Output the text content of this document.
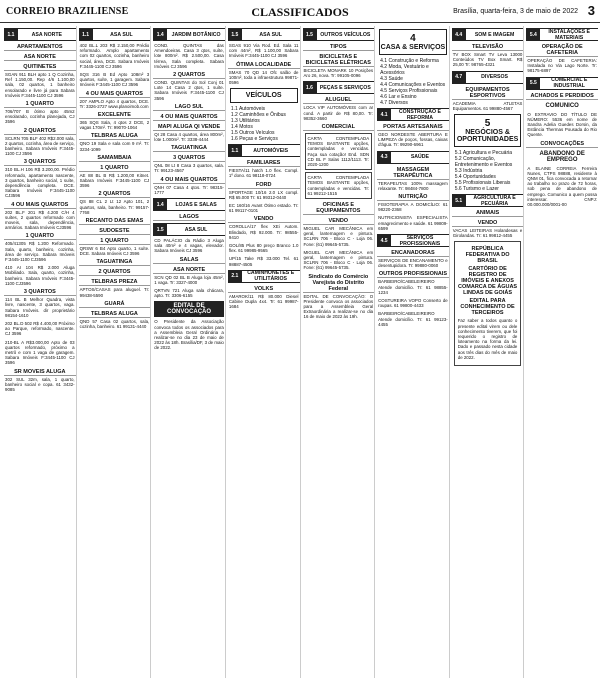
CORREIO BRAZILIENSE	CLASSIFICADOS	Brasília, quarta-feira, 3 de maio de 2022 3
1.1	ASA NORTE
APARTAMENTOS
ASA NORTE
QUITINETES
SGAN 911 BLH apto 1 Q Cozinha, Ref 1.150,00. Rep 4/6 1.100,00 sala, 02 quartos, 1 banheiro ensolarado e livre já para Sabara Imóveis F:3445-1100 CJ 3596
1 QUARTO
706/707 B ótimo apto 45m2 ensolarado, cozinha planejada, CJ 3596
2 QUARTOS
SCLRN 705 BLF 402 R$2.000 sala, 2 quartos, cozinha, área de serviço, banheiro. Sabara Imóveis F:3445-1100 CJ 3596
3 QUARTOS
310 BL.H 106 R$ 3.200,00. Prédio reformado, apartamento nascente, 3 quartos, banheiro social, 1 suíte, dependência completa. DCE. Sabara Imóveis F:3445-1100 CJ3596
4 OU MAIS QUARTOS
202 BL.F 201 R$ 4.200 C/H 4 suítes, 2 quartos reformado com moveis, sala, dependência, armários. Sabara Imóveis CJ3596
1 QUARTO
405/41305 R$ 1.200 Reformado. Sala, quarto, banheiro, cozinha, área de serviço. Sabara Imóveis F:3445-1100 CJ3596
410 AI 104 R$ 2.000 Aluga Mobiliado. Sala, quarto, cozinha, banheiro. Sabara Imóveis F:3445-1100 CJ3596
3 QUARTOS
114 BL B Melhor Quadra, vista livre, nascente, 3 quartos, vaga. Sabara Imóveis. dir proprietário 98154-1610
202 BL.D 502 R$ 4.400,00 Próximo ao Parque, reformado, nascente. CJ 3596
210-BL A R$3.000,00 Apto de 03 quartos reformado, próximo a metrô e com 1 vaga de garagem. Sabara Imóveis F:3445-1100 CJ 3596
SR MOVEIS ALUGA
302 SUL 32m, sala, 1 quarto, banheiro social e copa. 61 3432-9085
1.1	ASA SUL
402 BL.L 203 R$ 2.150,00 Prédio reformado. Amplo apartamento com 02 quartos, cozinha, banheiro social, área, DCE. Sabara Imóveis F:3445-1100 CJ 3596
SQS 316 B Ed Apto 108m² 3 quartos, suíte, 1 garagem. Sabara Imóveis F:3445-1100 CJ 3596
4 OU MAIS QUARTOS
207 AMPLO Apto 4 quartos, DCE. Tr: 3326-2727 www.planoimob.com
EXCELENTE
365 SQS Sala, 4 qtos 2 DCE, 2 vagas 170m². Tr: 99070-1064
TELBRAS ALUGA
QNO 19 Sala e sala com 9 m². Tr: 3234-1099
SAMAMBAIA
1 QUARTO
AE 88 BL B R$ 1.200,00 Kitnet. Sabara Imóveis F:3445-1100 CJ 3596
2 QUARTOS
QS 88 CL 2 Lt 12 Apto 101, 2 quartos, sala, banheiro. Tr: 99157-7768
RECANTO DAS EMAS
SUDOESTE
1 QUARTO
QRSW 6 B4 Apto quarto, 1 suíte. DCE. Sabara Imóveis CJ 3596
TAGUATINGA
2 QUARTOS
TELBRAS PREZA
APTOS/CASAS para aluguel. Tr: 99438-5590
GUARÁ
TELBRAS ALUGA
QND 57 Casa 02 quartos, sala, cozinha, banheiro. 61 99131-4440
1.4	JARDIM BOTÂNICO
COND. QUINTAS das Amendoeiras. Casa 3 qtos, suíte, lote 800m². R$ 2.500,00. Casa térrea, Sala completa. Sabara Imóveis CJ 3596
2 QUARTOS
COND. QUINTAS do Sol Conj 01 Lote 14 Casa 2 qtos, 1 suíte. Sabara Imóveis F:3445-1100 CJ 3596
LAGO SUL
4 OU MAIS QUARTOS
MAPI ALUGA QI VENDE
QI 28 Casa 4 quartos, área 800m², lote 1.000m². Tr: 3338-4444
TAGUATINGA
3 QUARTOS
QNL 08 Lt 8 Casa 3 quartos, sala. Tr: 99123-4567
4 OU MAIS QUARTOS
QNH 07 Casa 4 qtos. Tr: 98315-1777
1.4	LOJAS E SALAS
LAGOS
1.5	ASA SUL
CD PALÁCIO da Rádio 3 Aluga sala 40m² e 4 vagas, elevador. Sabara Imóveis CJ 3596
SALAS
ASA NORTE
SCN QD 02 BL B Aluga loja 45m², 1 vaga. Tr: 3327-4000
QRTVN 721 Aluga sala chácara, apto. Tr: 3306-6155
EDITAL DE CONVOCAÇÃO
O Presidente da Associação convoca todos os associados para a Assembleia Geral Ordinária a realizar-se no dia 23 de maio de 2022 às 18h. Brasília/DF, 3 de maio de 2022.
1.5	ASA SUL
SGAS 910 Via Rod. Ed. Sala 11 com 44m², R$ 1.100,00 Sabara Imóveis F:3445-1100 CJ 3596
ÓTIMA LOCALIDADE
SMAS 70 QD 14 Ofc salão de 100m², toda a infraestrutura 99871-0596
VEÍCULOS
1.1 Automóveis
1.2 Caminhões e Ônibus
1.3 Utilitários
1.4 Motos
1.5 Outros Veículos
1.6 Peças e Serviços
1.1	AUTOMÓVEIS
FAMILIARES
FIESTA/11 hatch 1.0 flex. Compl. 1º dono. 61 98118-0724
FORD
SPORTAGE 10/16 2.0 LX compl. R$ 65.000 Tr: 61 99312-0440
EC 160/16 Avant Ótimo estado. Tr: 61 99117-0101
VENDO
COROLLA/17 flex XEi Autom. Blindado, R$ 92.000. Tr: 98555-9410
GOL/85 Plus 80 preço Branco 1.0 flex. 61 99985-9565
UP/15 Take R$ 33.000 Tel. 61 98887-4505
2.1	CAMINHONETES E UTILITÁRIOS
VOLKS
AMAROK/11 R$ 80.000 Diesel Cabine Dupla 4x4. Tr: 61 99987-1684
1.5	OUTROS VEÍCULOS
TIPOS
BICICLETAS E BICICLETAS ELÉTRICAS
BICICLETA MONARK 10 Posições Aro 26, nova. Tr: 99105-0096
1.6	PEÇAS E SERVIÇOS
ALUGUEL
LOCA VIP AUTOMÓVEIS com ar cond. A partir de R$ 80,00. Tr: 98352-3660
COMERCIAL
CARTA CONTEMPLADA TEMOS BASTANTE opções, contempladas e vencidas. Faça sua cotação! End. SDN CD BL F Salas 1112/1113. Tr: 2020-1200
CARTA CONTEMPLADA TEMOS BASTANTE opções, contempladas e vencidas. Tr: 61 99212-1515
OFICINAS E EQUIPAMENTOS
VENDO
MIGUEL CAR MECÂNICA em geral, lanternagem e pintura. SCLRN 706 - Bloco C - Loja 06. Fone: (61) 99645-5735.
MIGUEL CAR MECÂNICA em geral, lanternagem e pintura. SCLRN 706 - Bloco C - Loja 06. Fone: (61) 99645-5735.
Sindicato do Comércio Varejista do Distrito Federal
EDITAL DE CONVOCAÇÃO: O Presidente convoca os associados para a Assembleia Geral Extraordinária a realizar-se no dia 16 de maio de 2022 às 19h.
4
CASA & SERVIÇOS
4.1 Construção e Reforma
4.2 Moda, Vestuário e Acessórios
4.3 Saúde
4.4 Comunicações e Eventos
4.5 Serviços Profissionais
4.6 Lar e Ensino
4.7 Diversos
4.1	CONSTRUÇÃO E REFORMA
PORTAS ARTESANAIS
GEO NORDESTE ABERTURA E LIMPEZA de poços, fossas, caixas d'água. Tr: 99290-6961
4.3	SAÚDE
MASSAGEM TERAPÊUTICA
TERAPEUTAS 100% massagem relaxante. Tr: 98484-7800
NUTRIÇÃO
FISIOTERAPIA A DOMICÍLIO: 61 98220-2368
NUTRICIONISTA ESPECIALISTA emagrecimento e saúde. 61 99809-6599
4.5	SERVIÇOS PROFISSIONAIS
ENCANADORAS
SERVIÇOS DE ENCANAMENTO e desentupidora. Tr: 99880-0060
OUTROS PROFISSIONAIS
BARBEIRO/CABELEIREIRO Atende domicílio. Tr: 61 98855-1234
COSTUREIRA VOPO Conserto de roupas. 61 99800-4433
BARBEIRO/CABELEIREIRO Atende domicílio. Tr: 61 99123-4455
4.4	SOM E IMAGEM
TELEVISÃO
TV BOX Smart TV Leva 13000 Conteúdos TV Box Smart. R$ 25,00 Tr: 98765-4321
4.7	DIVERSOS
EQUIPAMENTOS ESPORTIVOS
ACADEMIA ATLETAS Equipamentos. 61 99880-4567
5
NEGÓCIOS & OPORTUNIDADES
5.1 Agricultura e Pecuária
5.2 Comunicação, Entretenimento e Eventos
5.3 Indústria
5.4 Oportunidades
5.5 Profissionais Liberais
5.6 Turismo e Lazer
5.1	AGRICULTURA E PECUÁRIA
ANIMAIS
VENDO
VACAS LEITEIRAS Holandesas e Girolandas. Tr: 61 99812-4455
REPÚBLICA FEDERATIVA DO BRASIL
CARTÓRIO DE REGISTRO DE IMÓVEIS E ANEXOS COMARCA DE ÁGUAS LINDAS DE GOIÁS
EDITAL PARA CONHECIMENTO DE TERCEIROS
Faz saber a todos quanto o presente edital virem ou dele conhecimento tiverem, que foi requerido o registro de loteamento na forma da lei. Dado e passado nesta cidade aos três dias do mês de maio de 2022.
5.4	INSTALAÇÕES E MATERIAIS
OPERAÇÃO DE CAFETERIA
OPERAÇÃO DE CAFETERIA: Instalada no Via Lago Norte. Tr: 98175-6897
5.5	COMERCIAL E INDUSTRIAL
ACHADOS E PERDIDOS
COMUNICO
O EXTRAVIO DO TÍTULO DE NÚMERO: 5536 em nome de Sandra Adelia Guedes Dorsin, da Estância Thermas Pousada do Rio Quente.
CONVOCAÇÕES
ABANDONO DE EMPREGO
A ELAINE CORREIA Ferreira Nunes, CTPS 98888, residente à QNM 01, fica convocada a retornar ao trabalho no prazo de 72 horas, sob pena de abandono de emprego. Comunico a quem possa interessar. CNPJ: 00.000.000/0001-00
